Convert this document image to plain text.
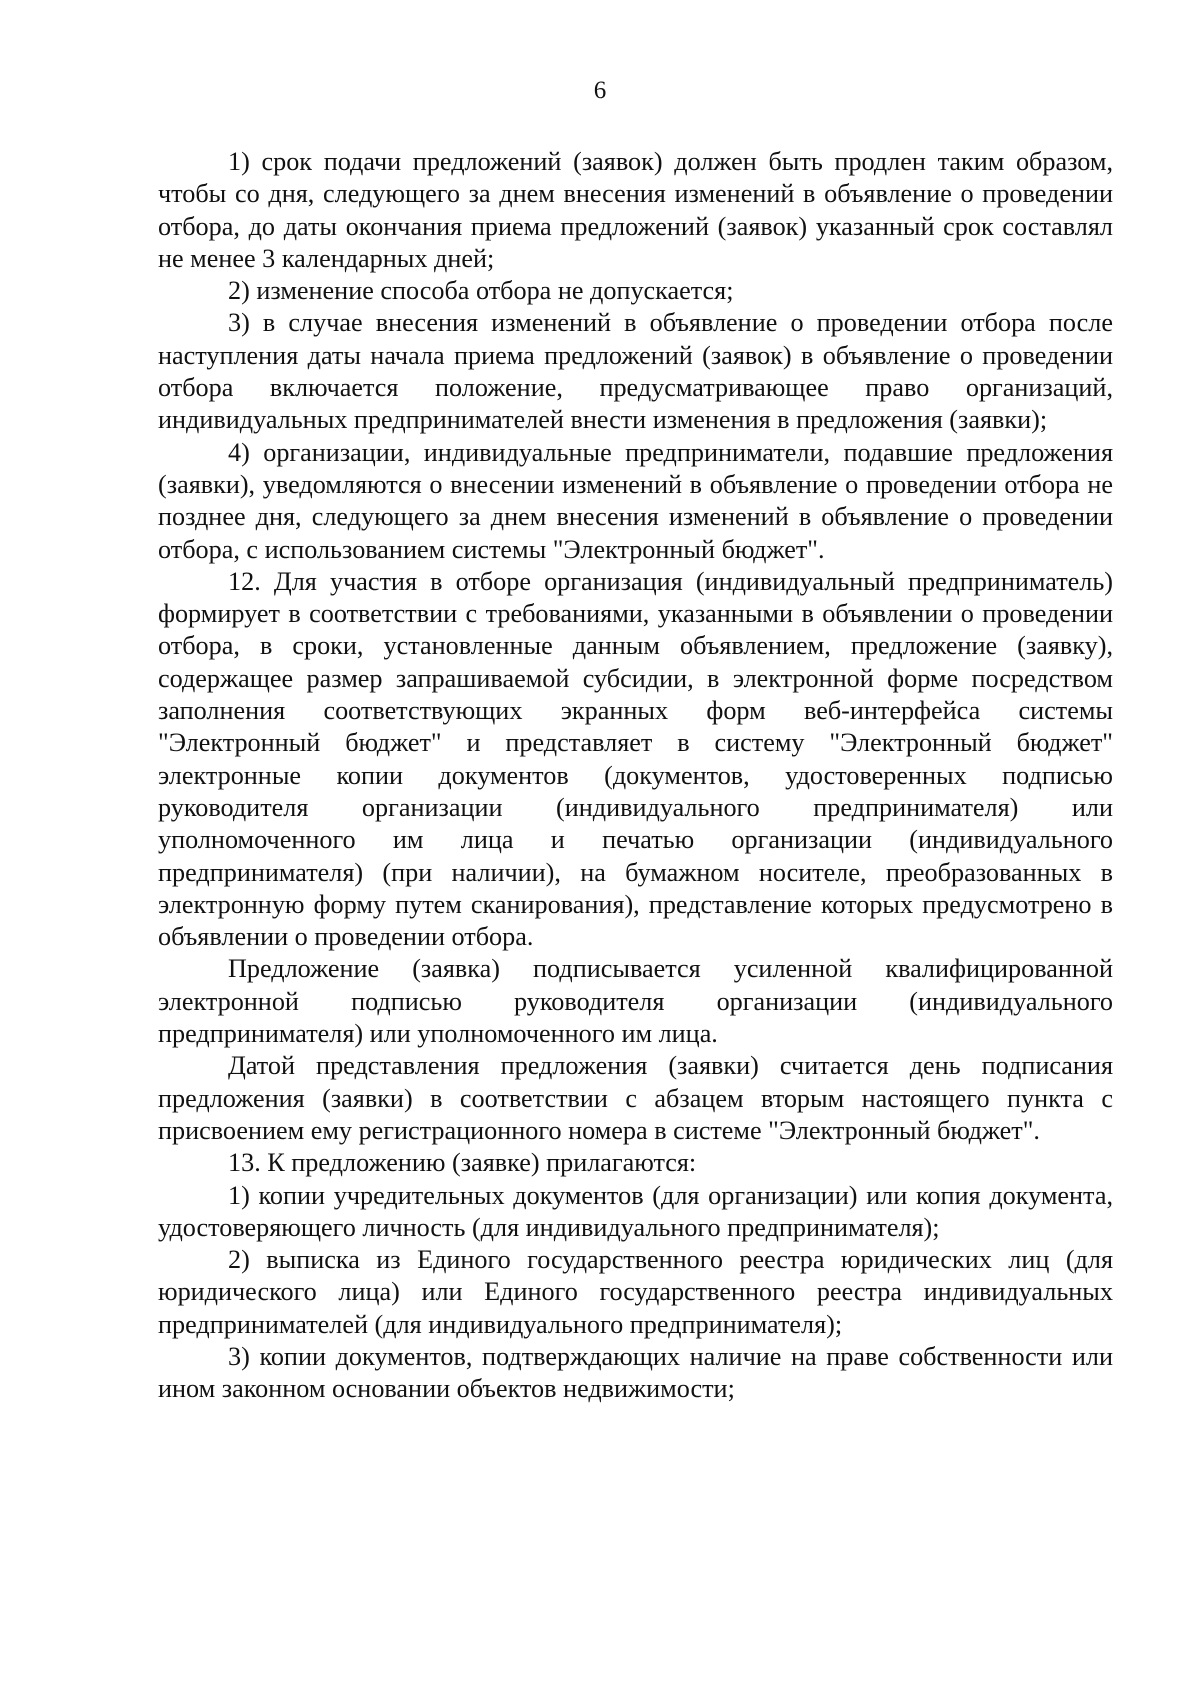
6

1) срок подачи предложений (заявок) должен быть продлен таким образом, чтобы со дня, следующего за днем внесения изменений в объявление о проведении отбора, до даты окончания приема предложений (заявок) указанный срок составлял не менее 3 календарных дней;

2) изменение способа отбора не допускается;

3) в случае внесения изменений в объявление о проведении отбора после наступления даты начала приема предложений (заявок) в объявление о проведении отбора включается положение, предусматривающее право организаций, индивидуальных предпринимателей внести изменения в предложения (заявки);

4) организации, индивидуальные предприниматели, подавшие предложения (заявки), уведомляются о внесении изменений в объявление о проведении отбора не позднее дня, следующего за днем внесения изменений в объявление о проведении отбора, с использованием системы "Электронный бюджет".

12. Для участия в отборе организация (индивидуальный предприниматель) формирует в соответствии с требованиями, указанными в объявлении о проведении отбора, в сроки, установленные данным объявлением, предложение (заявку), содержащее размер запрашиваемой субсидии, в электронной форме посредством заполнения соответствующих экранных форм веб-интерфейса системы "Электронный бюджет" и представляет в систему "Электронный бюджет" электронные копии документов (документов, удостоверенных подписью руководителя организации (индивидуального предпринимателя) или уполномоченного им лица и печатью организации (индивидуального предпринимателя) (при наличии), на бумажном носителе, преобразованных в электронную форму путем сканирования), представление которых предусмотрено в объявлении о проведении отбора.

Предложение (заявка) подписывается усиленной квалифицированной электронной подписью руководителя организации (индивидуального предпринимателя) или уполномоченного им лица.

Датой представления предложения (заявки) считается день подписания предложения (заявки) в соответствии с абзацем вторым настоящего пункта с присвоением ему регистрационного номера в системе "Электронный бюджет".

13. К предложению (заявке) прилагаются:

1) копии учредительных документов (для организации) или копия документа, удостоверяющего личность (для индивидуального предпринимателя);

2) выписка из Единого государственного реестра юридических лиц (для юридического лица) или Единого государственного реестра индивидуальных предпринимателей (для индивидуального предпринимателя);

3) копии документов, подтверждающих наличие на праве собственности или ином законном основании объектов недвижимости;
